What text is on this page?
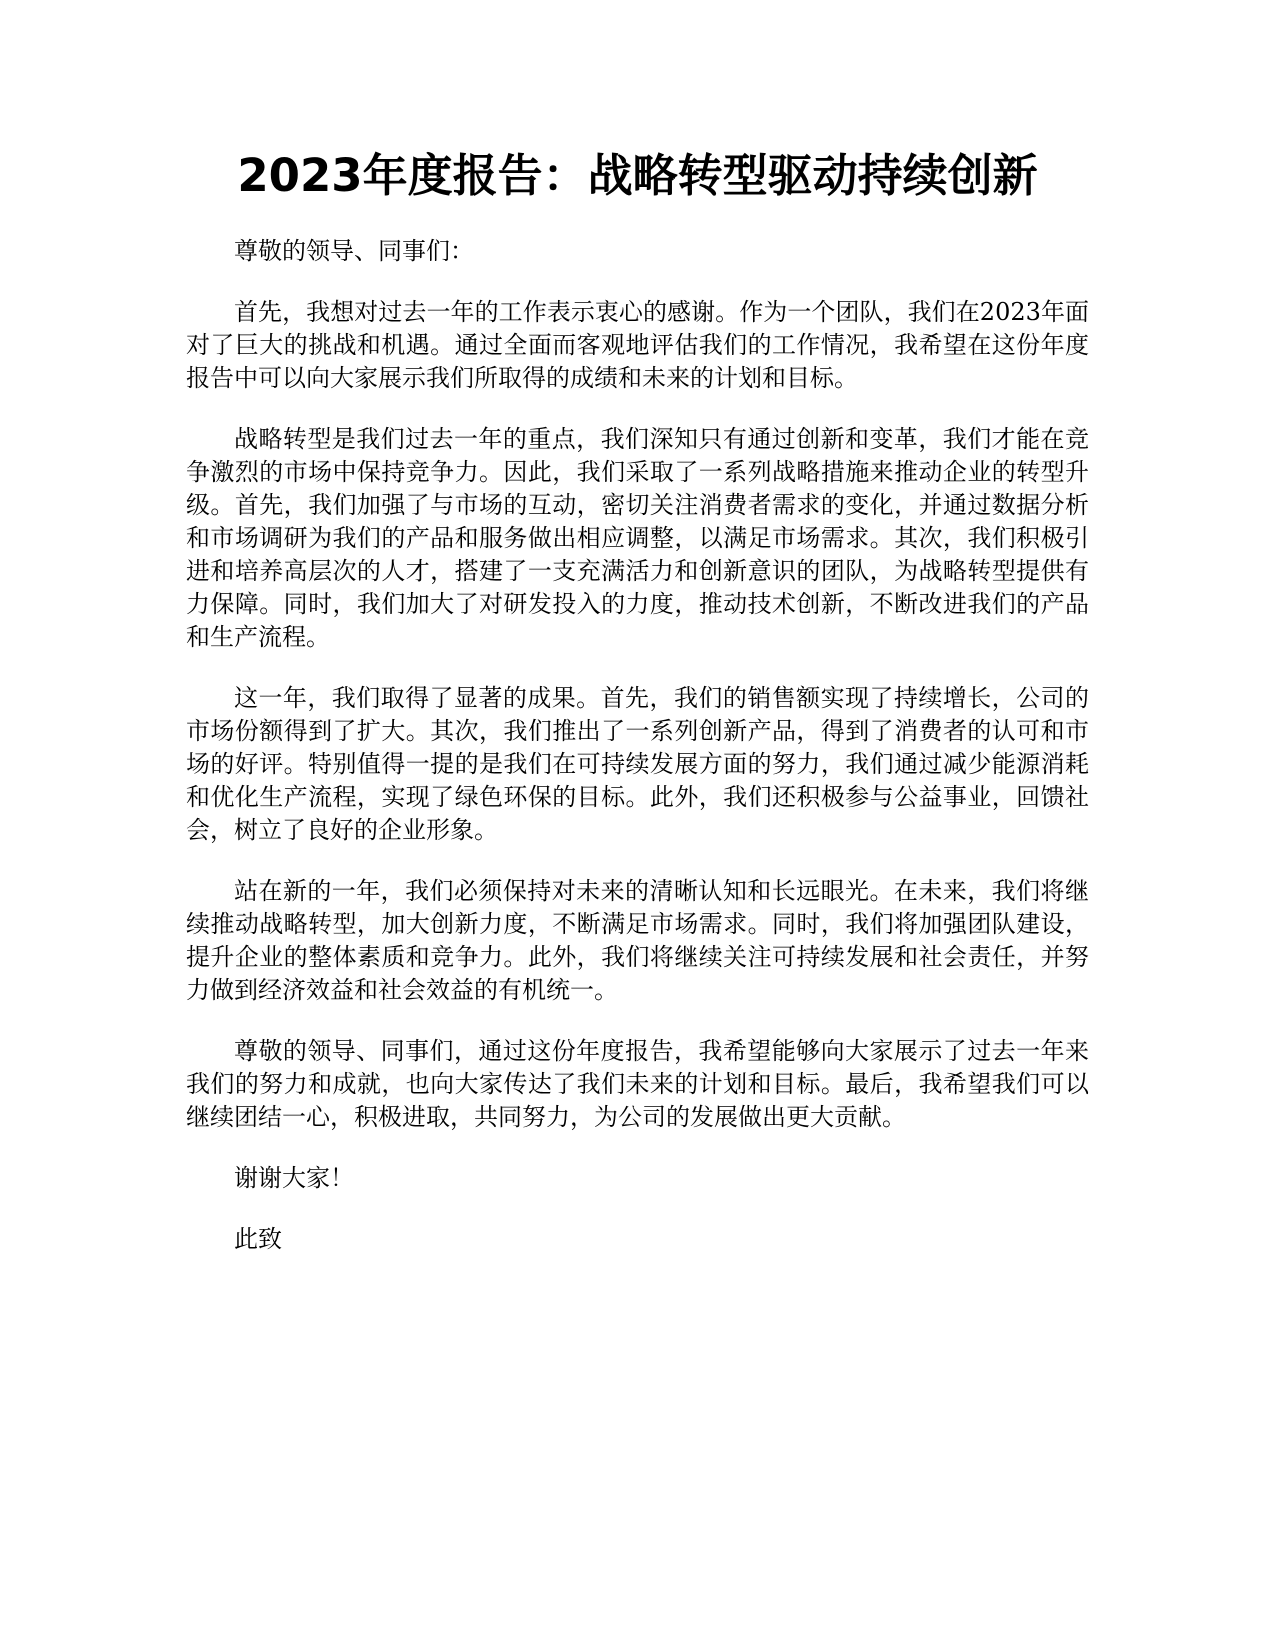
2023年度报告：战略转型驱动持续创新

尊敬的领导、同事们：

首先，我想对过去一年的工作表示衷心的感谢。作为一个团队，我们在2023年面对了巨大的挑战和机遇。通过全面而客观地评估我们的工作情况，我希望在这份年度报告中可以向大家展示我们所取得的成绩和未来的计划和目标。

战略转型是我们过去一年的重点，我们深知只有通过创新和变革，我们才能在竞争激烈的市场中保持竞争力。因此，我们采取了一系列战略措施来推动企业的转型升级。首先，我们加强了与市场的互动，密切关注消费者需求的变化，并通过数据分析和市场调研为我们的产品和服务做出相应调整，以满足市场需求。其次，我们积极引进和培养高层次的人才，搭建了一支充满活力和创新意识的团队，为战略转型提供有力保障。同时，我们加大了对研发投入的力度，推动技术创新，不断改进我们的产品和生产流程。

这一年，我们取得了显著的成果。首先，我们的销售额实现了持续增长，公司的市场份额得到了扩大。其次，我们推出了一系列创新产品，得到了消费者的认可和市场的好评。特别值得一提的是我们在可持续发展方面的努力，我们通过减少能源消耗和优化生产流程，实现了绿色环保的目标。此外，我们还积极参与公益事业，回馈社会，树立了良好的企业形象。

站在新的一年，我们必须保持对未来的清晰认知和长远眼光。在未来，我们将继续推动战略转型，加大创新力度，不断满足市场需求。同时，我们将加强团队建设，提升企业的整体素质和竞争力。此外，我们将继续关注可持续发展和社会责任，并努力做到经济效益和社会效益的有机统一。

尊敬的领导、同事们，通过这份年度报告，我希望能够向大家展示了过去一年来我们的努力和成就，也向大家传达了我们未来的计划和目标。最后，我希望我们可以继续团结一心，积极进取，共同努力，为公司的发展做出更大贡献。

谢谢大家！

此致
